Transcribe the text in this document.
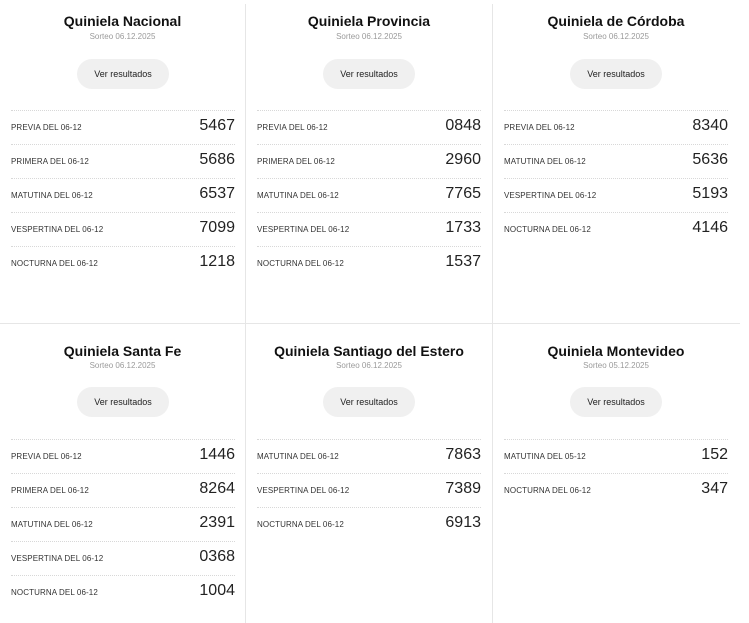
Quiniela Nacional
Sorteo 06.12.2025
Ver resultados
PREVIA DEL 06-12	5467
PRIMERA DEL 06-12	5686
MATUTINA DEL 06-12	6537
VESPERTINA DEL 06-12	7099
NOCTURNA DEL 06-12	1218
Quiniela Provincia
Sorteo 06.12.2025
Ver resultados
PREVIA DEL 06-12	0848
PRIMERA DEL 06-12	2960
MATUTINA DEL 06-12	7765
VESPERTINA DEL 06-12	1733
NOCTURNA DEL 06-12	1537
Quiniela de Córdoba
Sorteo 06.12.2025
Ver resultados
PREVIA DEL 06-12	8340
MATUTINA DEL 06-12	5636
VESPERTINA DEL 06-12	5193
NOCTURNA DEL 06-12	4146
Quiniela Santa Fe
Sorteo 06.12.2025
Ver resultados
PREVIA DEL 06-12	1446
PRIMERA DEL 06-12	8264
MATUTINA DEL 06-12	2391
VESPERTINA DEL 06-12	0368
NOCTURNA DEL 06-12	1004
Quiniela Santiago del Estero
Sorteo 06.12.2025
Ver resultados
MATUTINA DEL 06-12	7863
VESPERTINA DEL 06-12	7389
NOCTURNA DEL 06-12	6913
Quiniela Montevideo
Sorteo 05.12.2025
Ver resultados
MATUTINA DEL 05-12	152
NOCTURNA DEL 06-12	347
